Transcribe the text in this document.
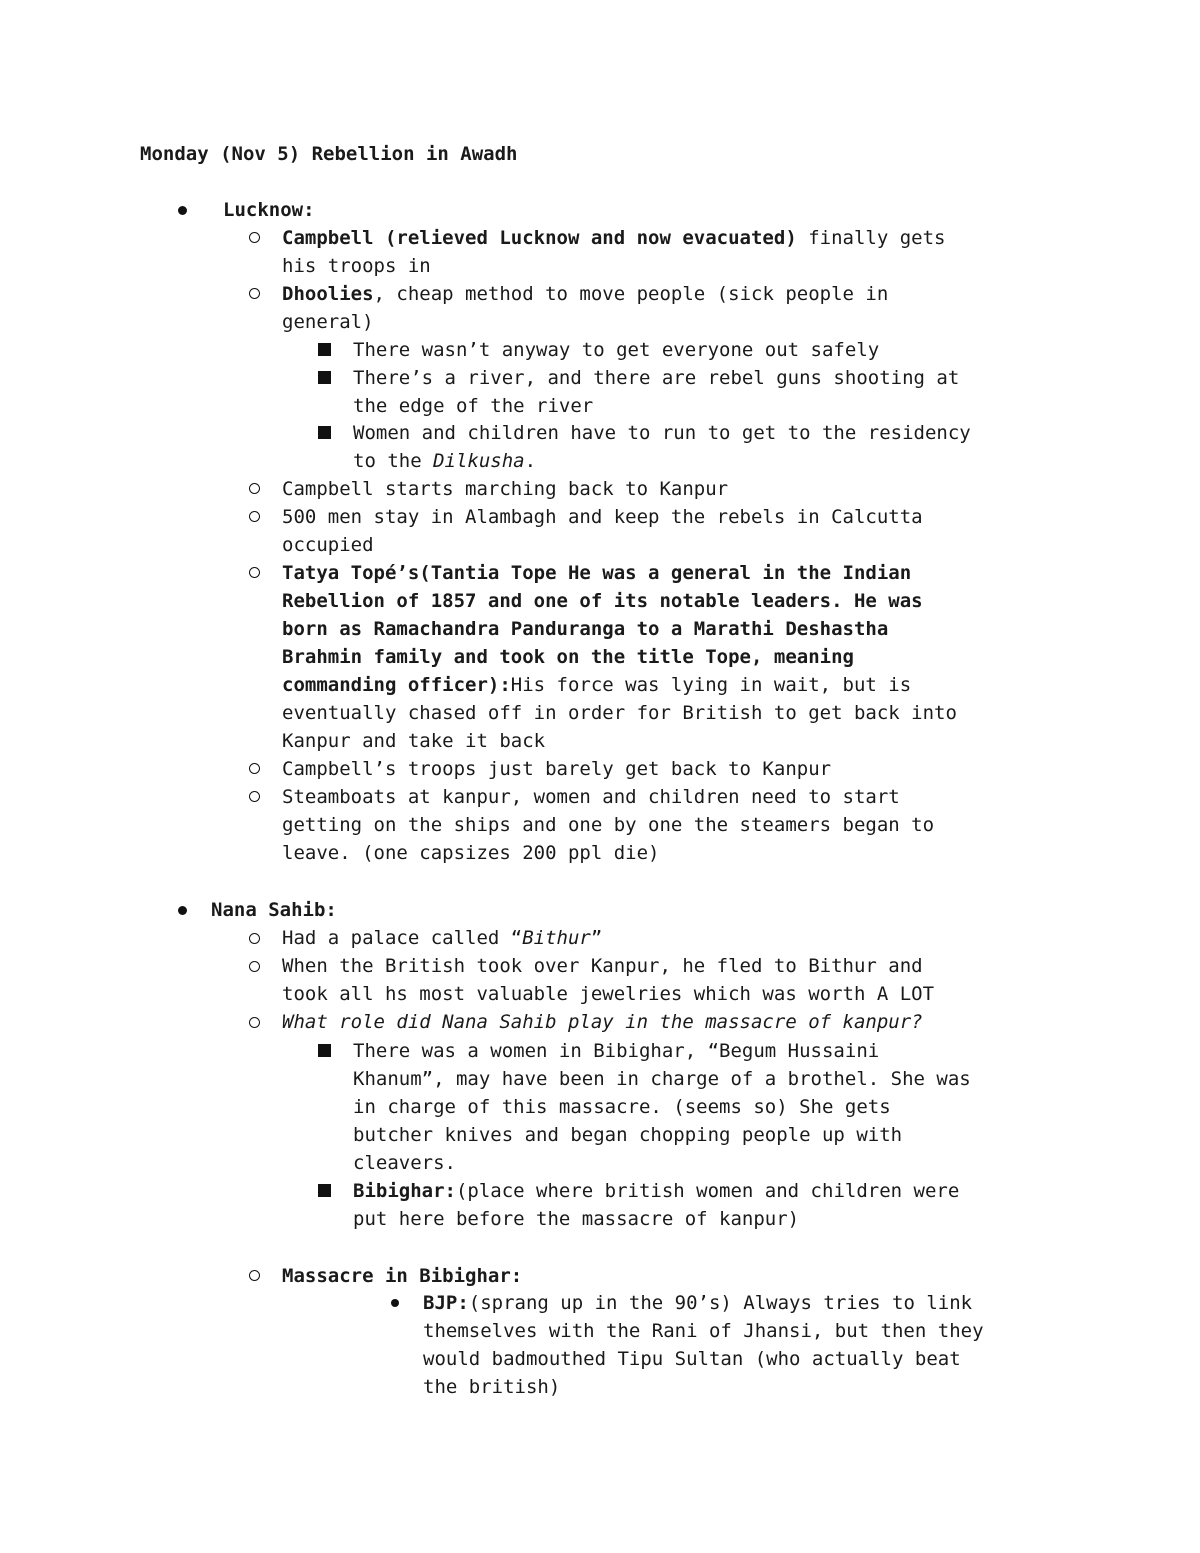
Monday (Nov 5) Rebellion in Awadh
Lucknow:
Campbell (relieved Lucknow and now evacuated) finally gets
his troops in
Dhoolies, cheap method to move people (sick people in
general)
There wasn’t anyway to get everyone out safely
There’s a river, and there are rebel guns shooting at
the edge of the river
Women and children have to run to get to the residency
to the Dilkusha.
Campbell starts marching back to Kanpur
500 men stay in Alambagh and keep the rebels in Calcutta
occupied
Tatya Topé’s(Tantia Tope He was a general in the Indian
Rebellion of 1857 and one of its notable leaders. He was
born as Ramachandra Panduranga to a Marathi Deshastha
Brahmin family and took on the title Tope, meaning
commanding officer):His force was lying in wait, but is
eventually chased off in order for British to get back into
Kanpur and take it back
Campbell’s troops just barely get back to Kanpur
Steamboats at kanpur, women and children need to start
getting on the ships and one by one the steamers began to
leave. (one capsizes 200 ppl die)
Nana Sahib:
Had a palace called “Bithur”
When the British took over Kanpur, he fled to Bithur and
took all hs most valuable jewelries which was worth A LOT
What role did Nana Sahib play in the massacre of kanpur?
There was a women in Bibighar, “Begum Hussaini
Khanum”, may have been in charge of a brothel. She was
in charge of this massacre. (seems so) She gets
butcher knives and began chopping people up with
cleavers.
Bibighar:(place where british women and children were
put here before the massacre of kanpur)
Massacre in Bibighar:
BJP:(sprang up in the 90’s) Always tries to link
themselves with the Rani of Jhansi, but then they
would badmouthed Tipu Sultan (who actually beat
the british)
